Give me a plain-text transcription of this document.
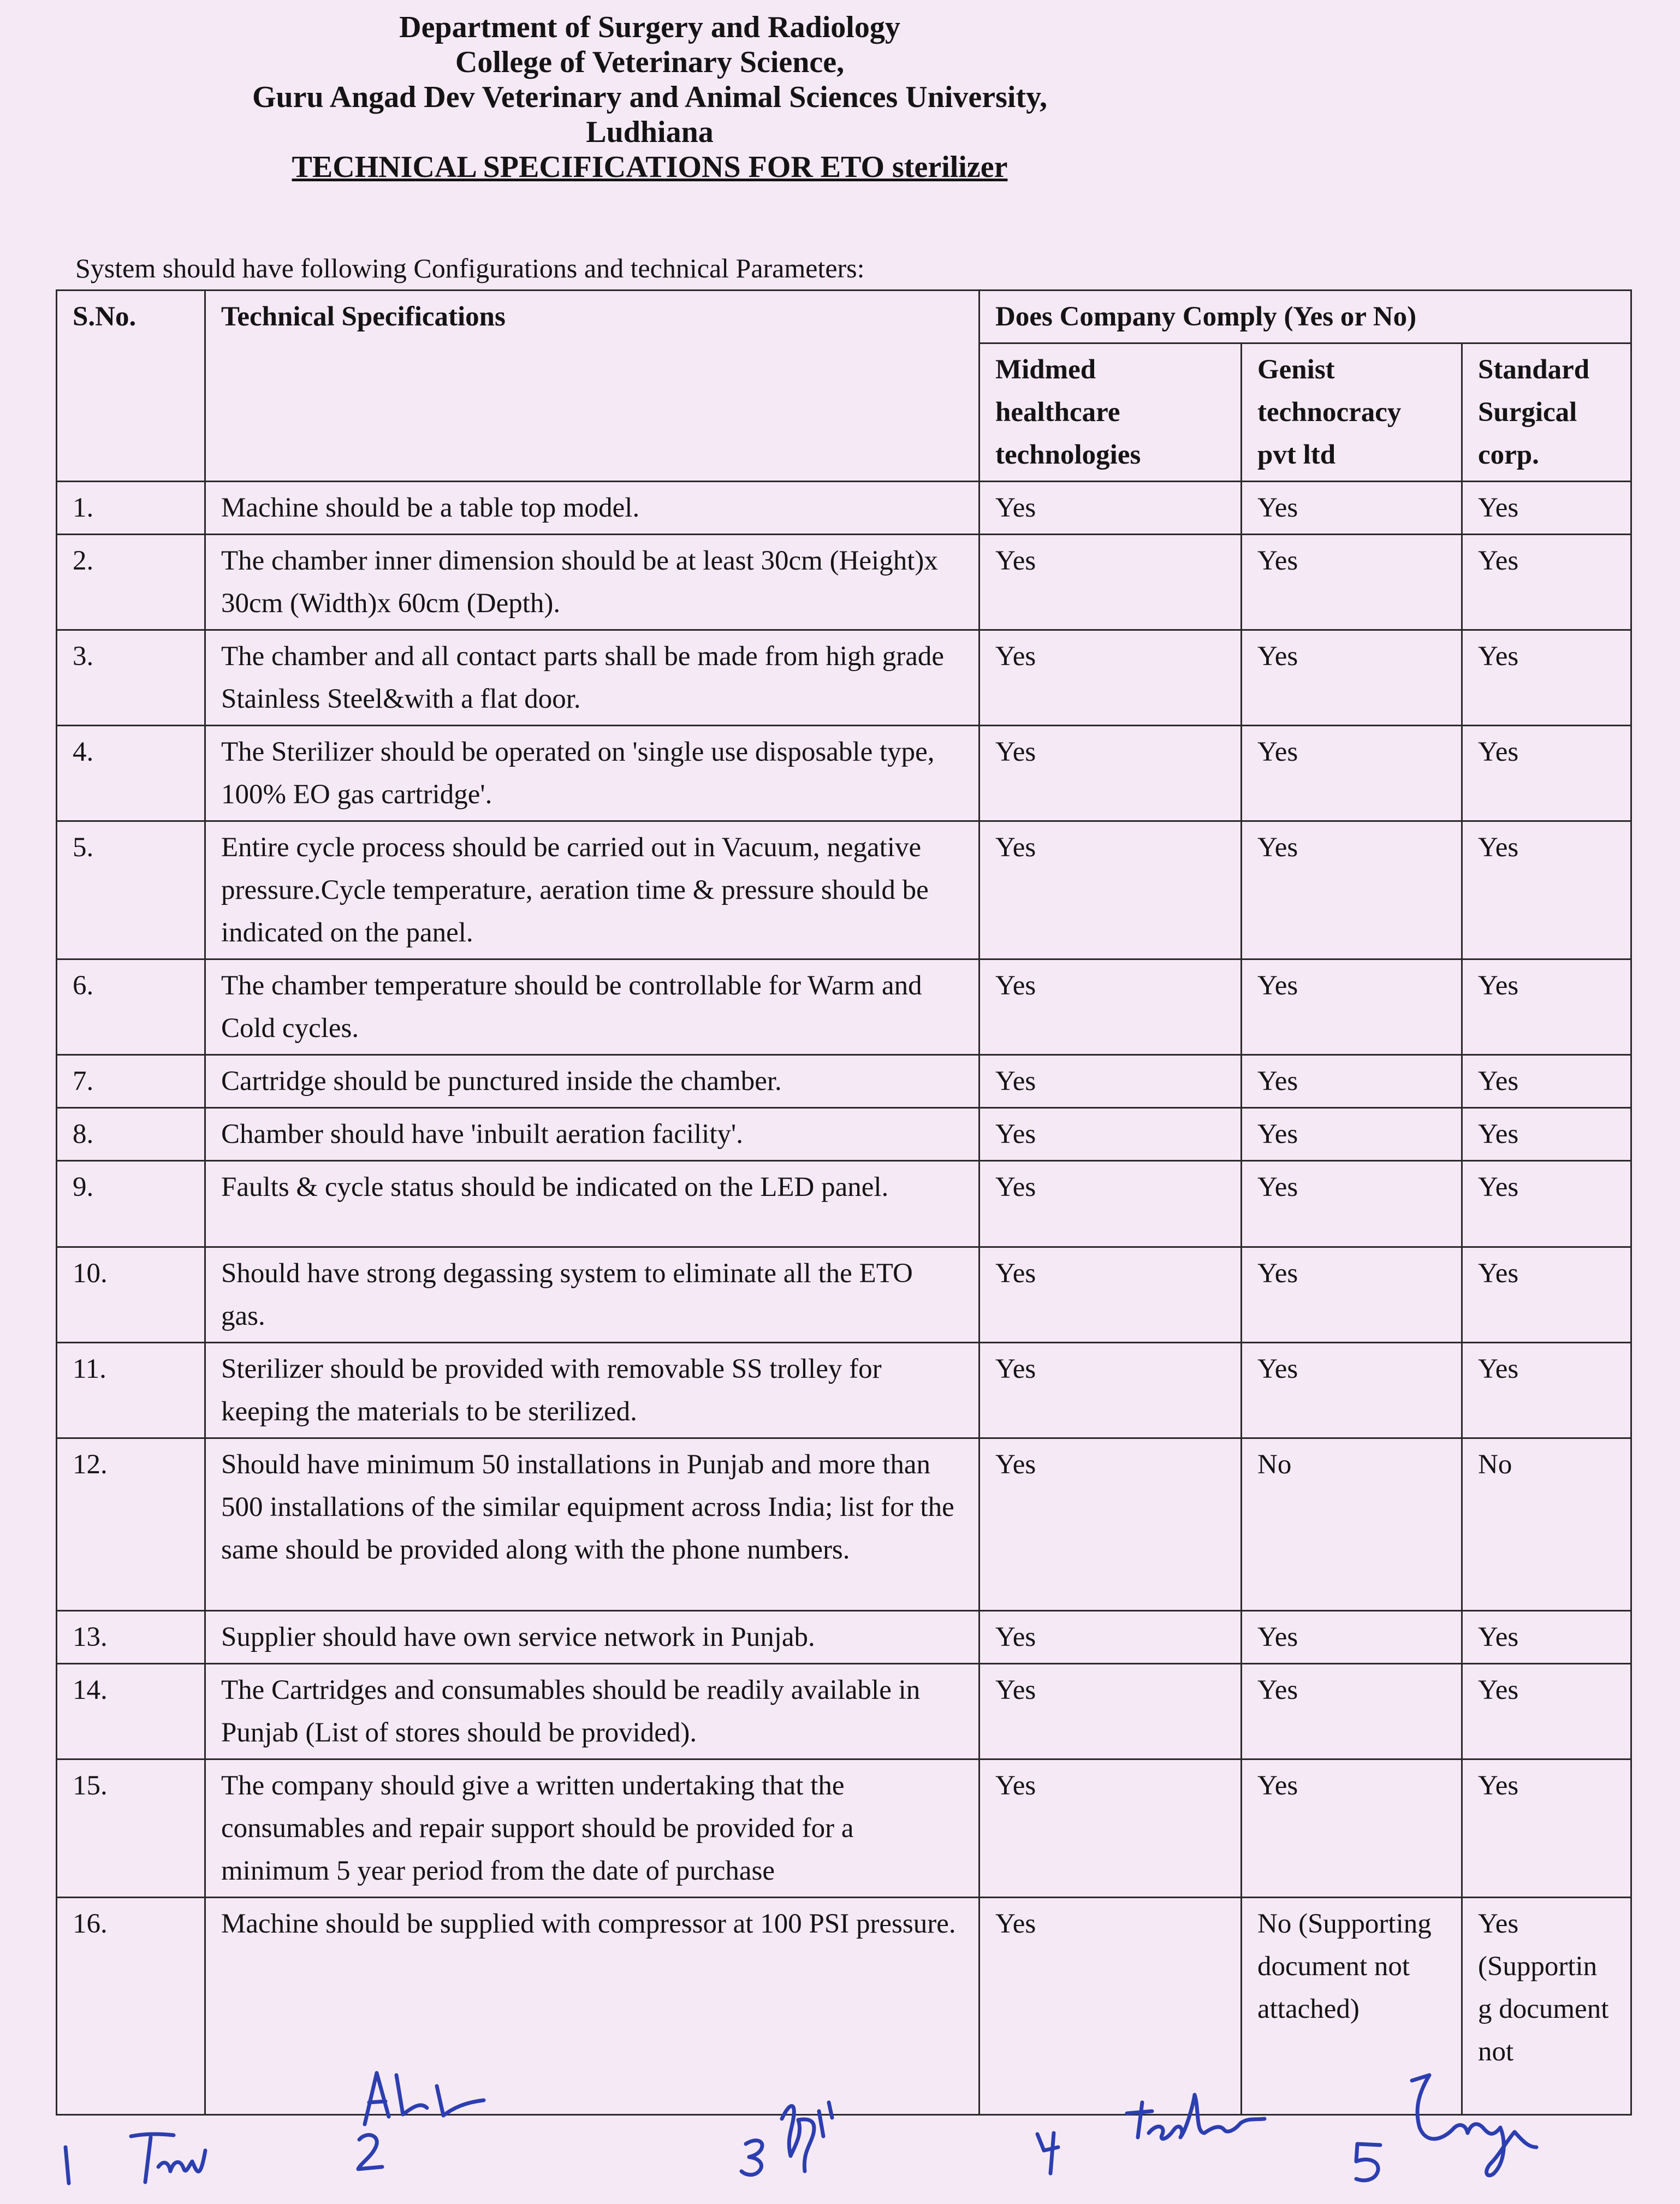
Department of Surgery and Radiology
College of Veterinary Science,
Guru Angad Dev Veterinary and Animal Sciences University, Ludhiana
TECHNICAL SPECIFICATIONS FOR ETO sterilizer
System should have following Configurations and technical Parameters:
S.No.	Technical Specifications	Does Company Comply (Yes or No)		
		Midmed healthcare technologies	Genist technocracy pvt ltd	Standard Surgical corp.
1.	Machine should be a table top model.	Yes	Yes	Yes
2.	The chamber inner dimension should be at least 30cm (Height)x 30cm (Width)x 60cm (Depth).	Yes	Yes	Yes
3.	The chamber and all contact parts shall be made from high grade Stainless Steel&with a flat door.	Yes	Yes	Yes
4.	The Sterilizer should be operated on 'single use disposable type, 100% EO gas cartridge'.	Yes	Yes	Yes
5.	Entire cycle process should be carried out in Vacuum, negative pressure.Cycle temperature, aeration time & pressure should be indicated on the panel.	Yes	Yes	Yes
6.	The chamber temperature should be controllable for Warm and Cold cycles.	Yes	Yes	Yes
7.	Cartridge should be punctured inside the chamber.	Yes	Yes	Yes
8.	Chamber should have 'inbuilt aeration facility'.	Yes	Yes	Yes
9.	Faults & cycle status should be indicated on the LED panel.	Yes	Yes	Yes
10.	Should have strong degassing system to eliminate all the ETO gas.	Yes	Yes	Yes
11.	Sterilizer should be provided with removable SS trolley for keeping the materials to be sterilized.	Yes	Yes	Yes
12.	Should have minimum 50 installations in Punjab and more than 500 installations of the similar equipment across India; list for the same should be provided along with the phone numbers.	Yes	No	No
13.	Supplier should have own service network in Punjab.	Yes	Yes	Yes
14.	The Cartridges and consumables should be readily available in Punjab (List of stores should be provided).	Yes	Yes	Yes
15.	The company should give a written undertaking that the consumables and repair support should be provided for a minimum 5 year period from the date of purchase	Yes	Yes	Yes
16.	Machine should be supplied with compressor at 100 PSI pressure.	Yes	No (Supporting document not attached)	Yes (Supportin g document not
